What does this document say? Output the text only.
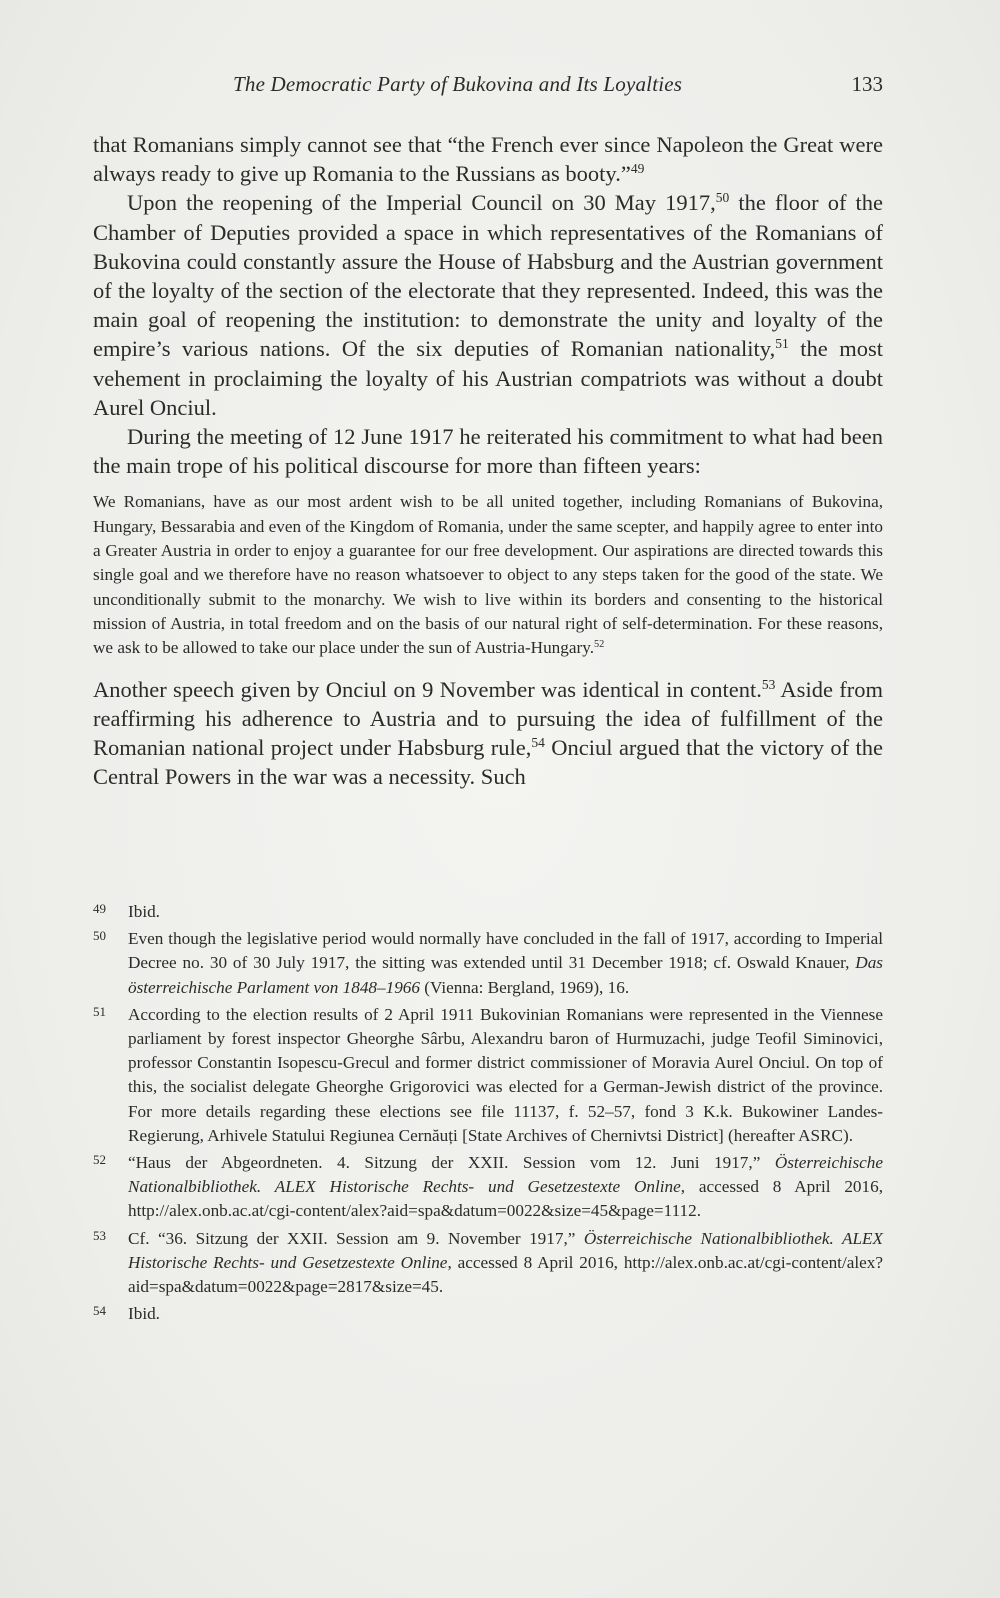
The Democratic Party of Bukovina and Its Loyalties	133

that Romanians simply cannot see that “the French ever since Napoleon the Great were always ready to give up Romania to the Russians as booty.”$^{49}$

Upon the reopening of the Imperial Council on 30 May 1917,50 the floor of the Chamber of Deputies provided a space in which representatives of the Romanians of Bukovina could constantly assure the House of Habsburg and the Austrian government of the loyalty of the section of the electorate that they represented. Indeed, this was the main goal of reopening the institution: to demonstrate the unity and loyalty of the empire’s various nations. Of the six deputies of Romanian nationality,$^{51}$ the most vehement in proclaiming the loyalty of his Austrian compatriots was without a doubt Aurel Onciul.

During the meeting of 12 June 1917 he reiterated his commitment to what had been the main trope of his political discourse for more than fifteen years:

We Romanians, have as our most ardent wish to be all united together, including Romanians of Bukovina, Hungary, Bessarabia and even of the Kingdom of Romania, under the same scepter, and happily agree to enter into a Greater Austria in order to enjoy a guarantee for our free development. Our aspirations are directed towards this single goal and we therefore have no reason whatsoever to object to any steps taken for the good of the state. We unconditionally submit to the monarchy. We wish to live within its borders and consenting to the historical mission of Austria, in total freedom and on the basis of our natural right of self-determination. For these reasons, we ask to be allowed to take our place under the sun of Austria-Hungary.$^{52}$

Another speech given by Onciul on 9 November was identical in content.$^{53}$ Aside from reaffirming his adherence to Austria and to pursuing the idea of fulfillment of the Romanian national project under Habsburg rule,$^{54}$ Onciul argued that the victory of the Central Powers in the war was a necessity. Such

49 Ibid.
50 Even though the legislative period would normally have concluded in the fall of 1917, according to Imperial Decree no. 30 of 30 July 1917, the sitting was extended until 31 December 1918; cf. Oswald Knauer, Das österreichische Parlament von 1848–1966 (Vienna: Bergland, 1969), 16.
51 According to the election results of 2 April 1911 Bukovinian Romanians were represented in the Viennese parliament by forest inspector Gheorghe Sârbu, Alexandru baron of Hurmuzachi, judge Teofil Siminovici, professor Constantin Isopescu-Grecul and former district commissioner of Moravia Aurel Onciul. On top of this, the socialist delegate Gheorghe Grigorovici was elected for a German-Jewish district of the province. For more details regarding these elections see file 11137, f. 52–57, fond 3 K.k. Bukowiner Landes-Regierung, Arhivele Statului Regiunea Cernăuți [State Archives of Chernivtsi District] (hereafter ASRC).
52 “Haus der Abgeordneten. 4. Sitzung der XXII. Session vom 12. Juni 1917,” Österreichische Nationalbibliothek. ALEX Historische Rechts- und Gesetzestexte Online, accessed 8 April 2016, http://alex.onb.ac.at/cgi-content/alex?aid=spa&datum=0022&size=45&page=1112.
53 Cf. “36. Sitzung der XXII. Session am 9. November 1917,” Österreichische Nationalbibliothek. ALEX Historische Rechts- und Gesetzestexte Online, accessed 8 April 2016, http://alex.onb.ac.at/cgi-content/alex?aid=spa&datum=0022&page=2817&size=45.
54 Ibid.
